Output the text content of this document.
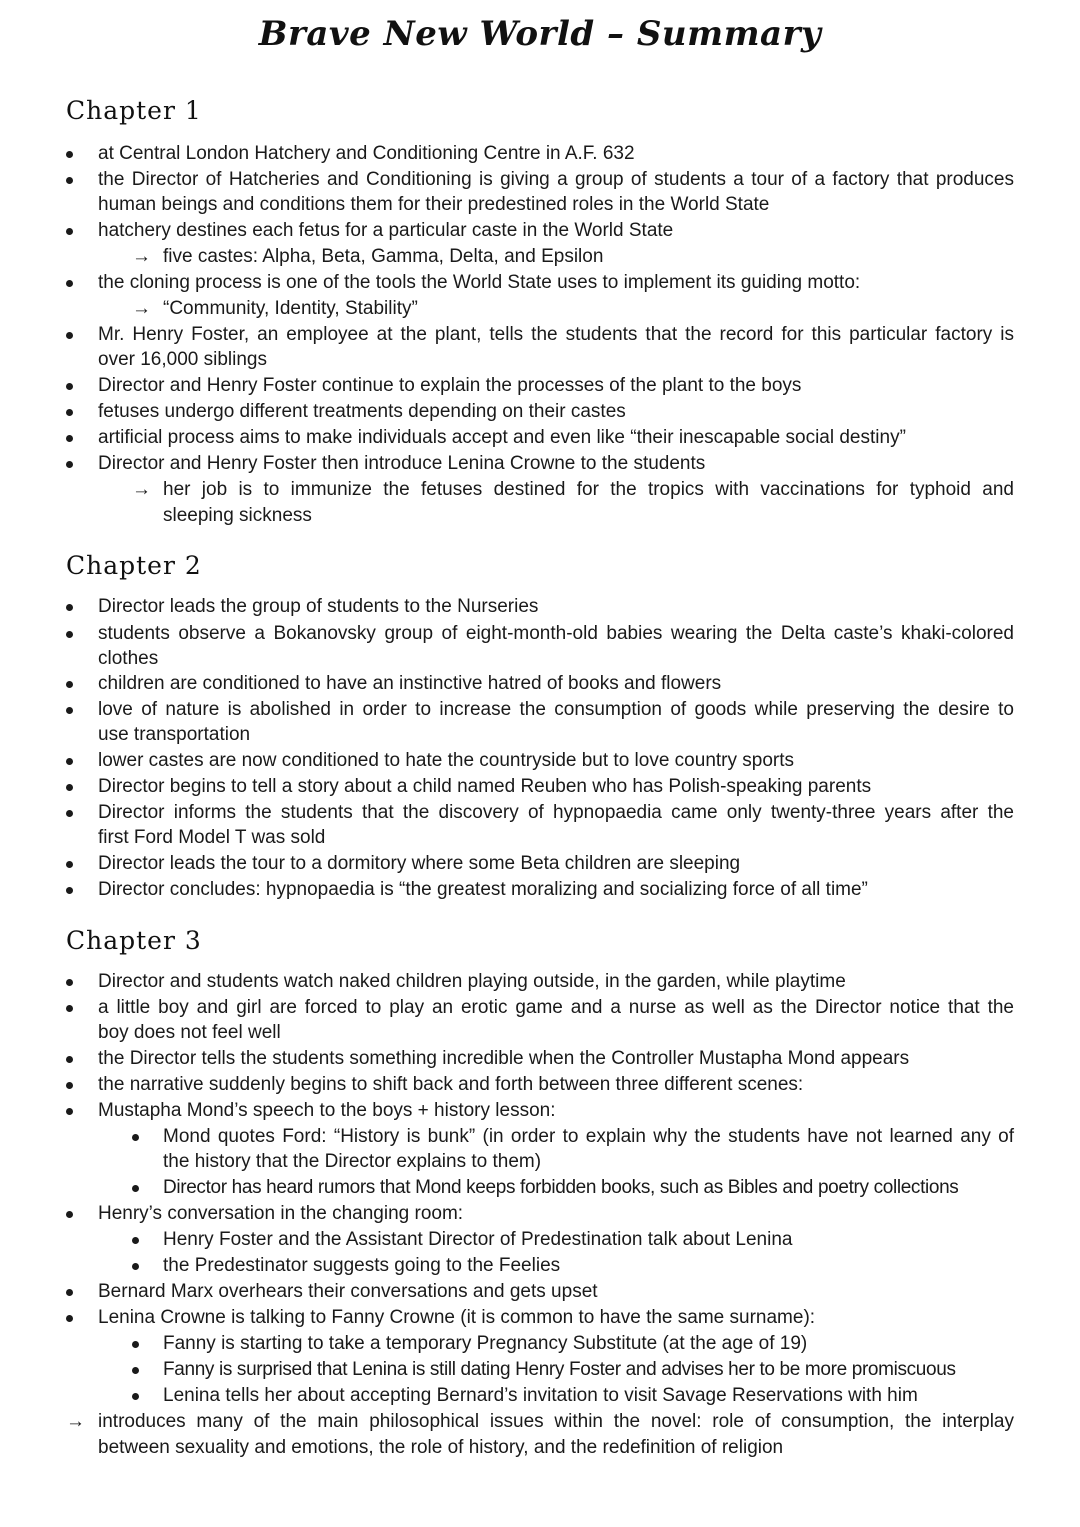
Brave New World – Summary
Chapter 1
at Central London Hatchery and Conditioning Centre in A.F. 632
the Director of Hatcheries and Conditioning is giving a group of students a tour of a factory that produces
human beings and conditions them for their predestined roles in the World State
hatchery destines each fetus for a particular caste in the World State
→ five castes: Alpha, Beta, Gamma, Delta, and Epsilon
the cloning process is one of the tools the World State uses to implement its guiding motto:
→ “Community, Identity, Stability”
Mr. Henry Foster, an employee at the plant, tells the students that the record for this particular factory is
over 16,000 siblings
Director and Henry Foster continue to explain the processes of the plant to the boys
fetuses undergo different treatments depending on their castes
artificial process aims to make individuals accept and even like “their inescapable social destiny”
Director and Henry Foster then introduce Lenina Crowne to the students
→ her job is to immunize the fetuses destined for the tropics with vaccinations for typhoid and
sleeping sickness
Chapter 2
Director leads the group of students to the Nurseries
students observe a Bokanovsky group of eight-month-old babies wearing the Delta caste’s khaki-colored
clothes
children are conditioned to have an instinctive hatred of books and flowers
love of nature is abolished in order to increase the consumption of goods while preserving the desire to
use transportation
lower castes are now conditioned to hate the countryside but to love country sports
Director begins to tell a story about a child named Reuben who has Polish-speaking parents
Director informs the students that the discovery of hypnopaedia came only twenty-three years after the
first Ford Model T was sold
Director leads the tour to a dormitory where some Beta children are sleeping
Director concludes: hypnopaedia is “the greatest moralizing and socializing force of all time”
Chapter 3
Director and students watch naked children playing outside, in the garden, while playtime
a little boy and girl are forced to play an erotic game and a nurse as well as the Director notice that the
boy does not feel well
the Director tells the students something incredible when the Controller Mustapha Mond appears
the narrative suddenly begins to shift back and forth between three different scenes:
Mustapha Mond’s speech to the boys + history lesson:
Mond quotes Ford: “History is bunk” (in order to explain why the students have not learned any of
the history that the Director explains to them)
Director has heard rumors that Mond keeps forbidden books, such as Bibles and poetry collections
Henry’s conversation in the changing room:
Henry Foster and the Assistant Director of Predestination talk about Lenina
the Predestinator suggests going to the Feelies
Bernard Marx overhears their conversations and gets upset
Lenina Crowne is talking to Fanny Crowne (it is common to have the same surname):
Fanny is starting to take a temporary Pregnancy Substitute (at the age of 19)
Fanny is surprised that Lenina is still dating Henry Foster and advises her to be more promiscuous
Lenina tells her about accepting Bernard’s invitation to visit Savage Reservations with him
→ introduces many of the main philosophical issues within the novel: role of consumption, the interplay
between sexuality and emotions, the role of history, and the redefinition of religion
